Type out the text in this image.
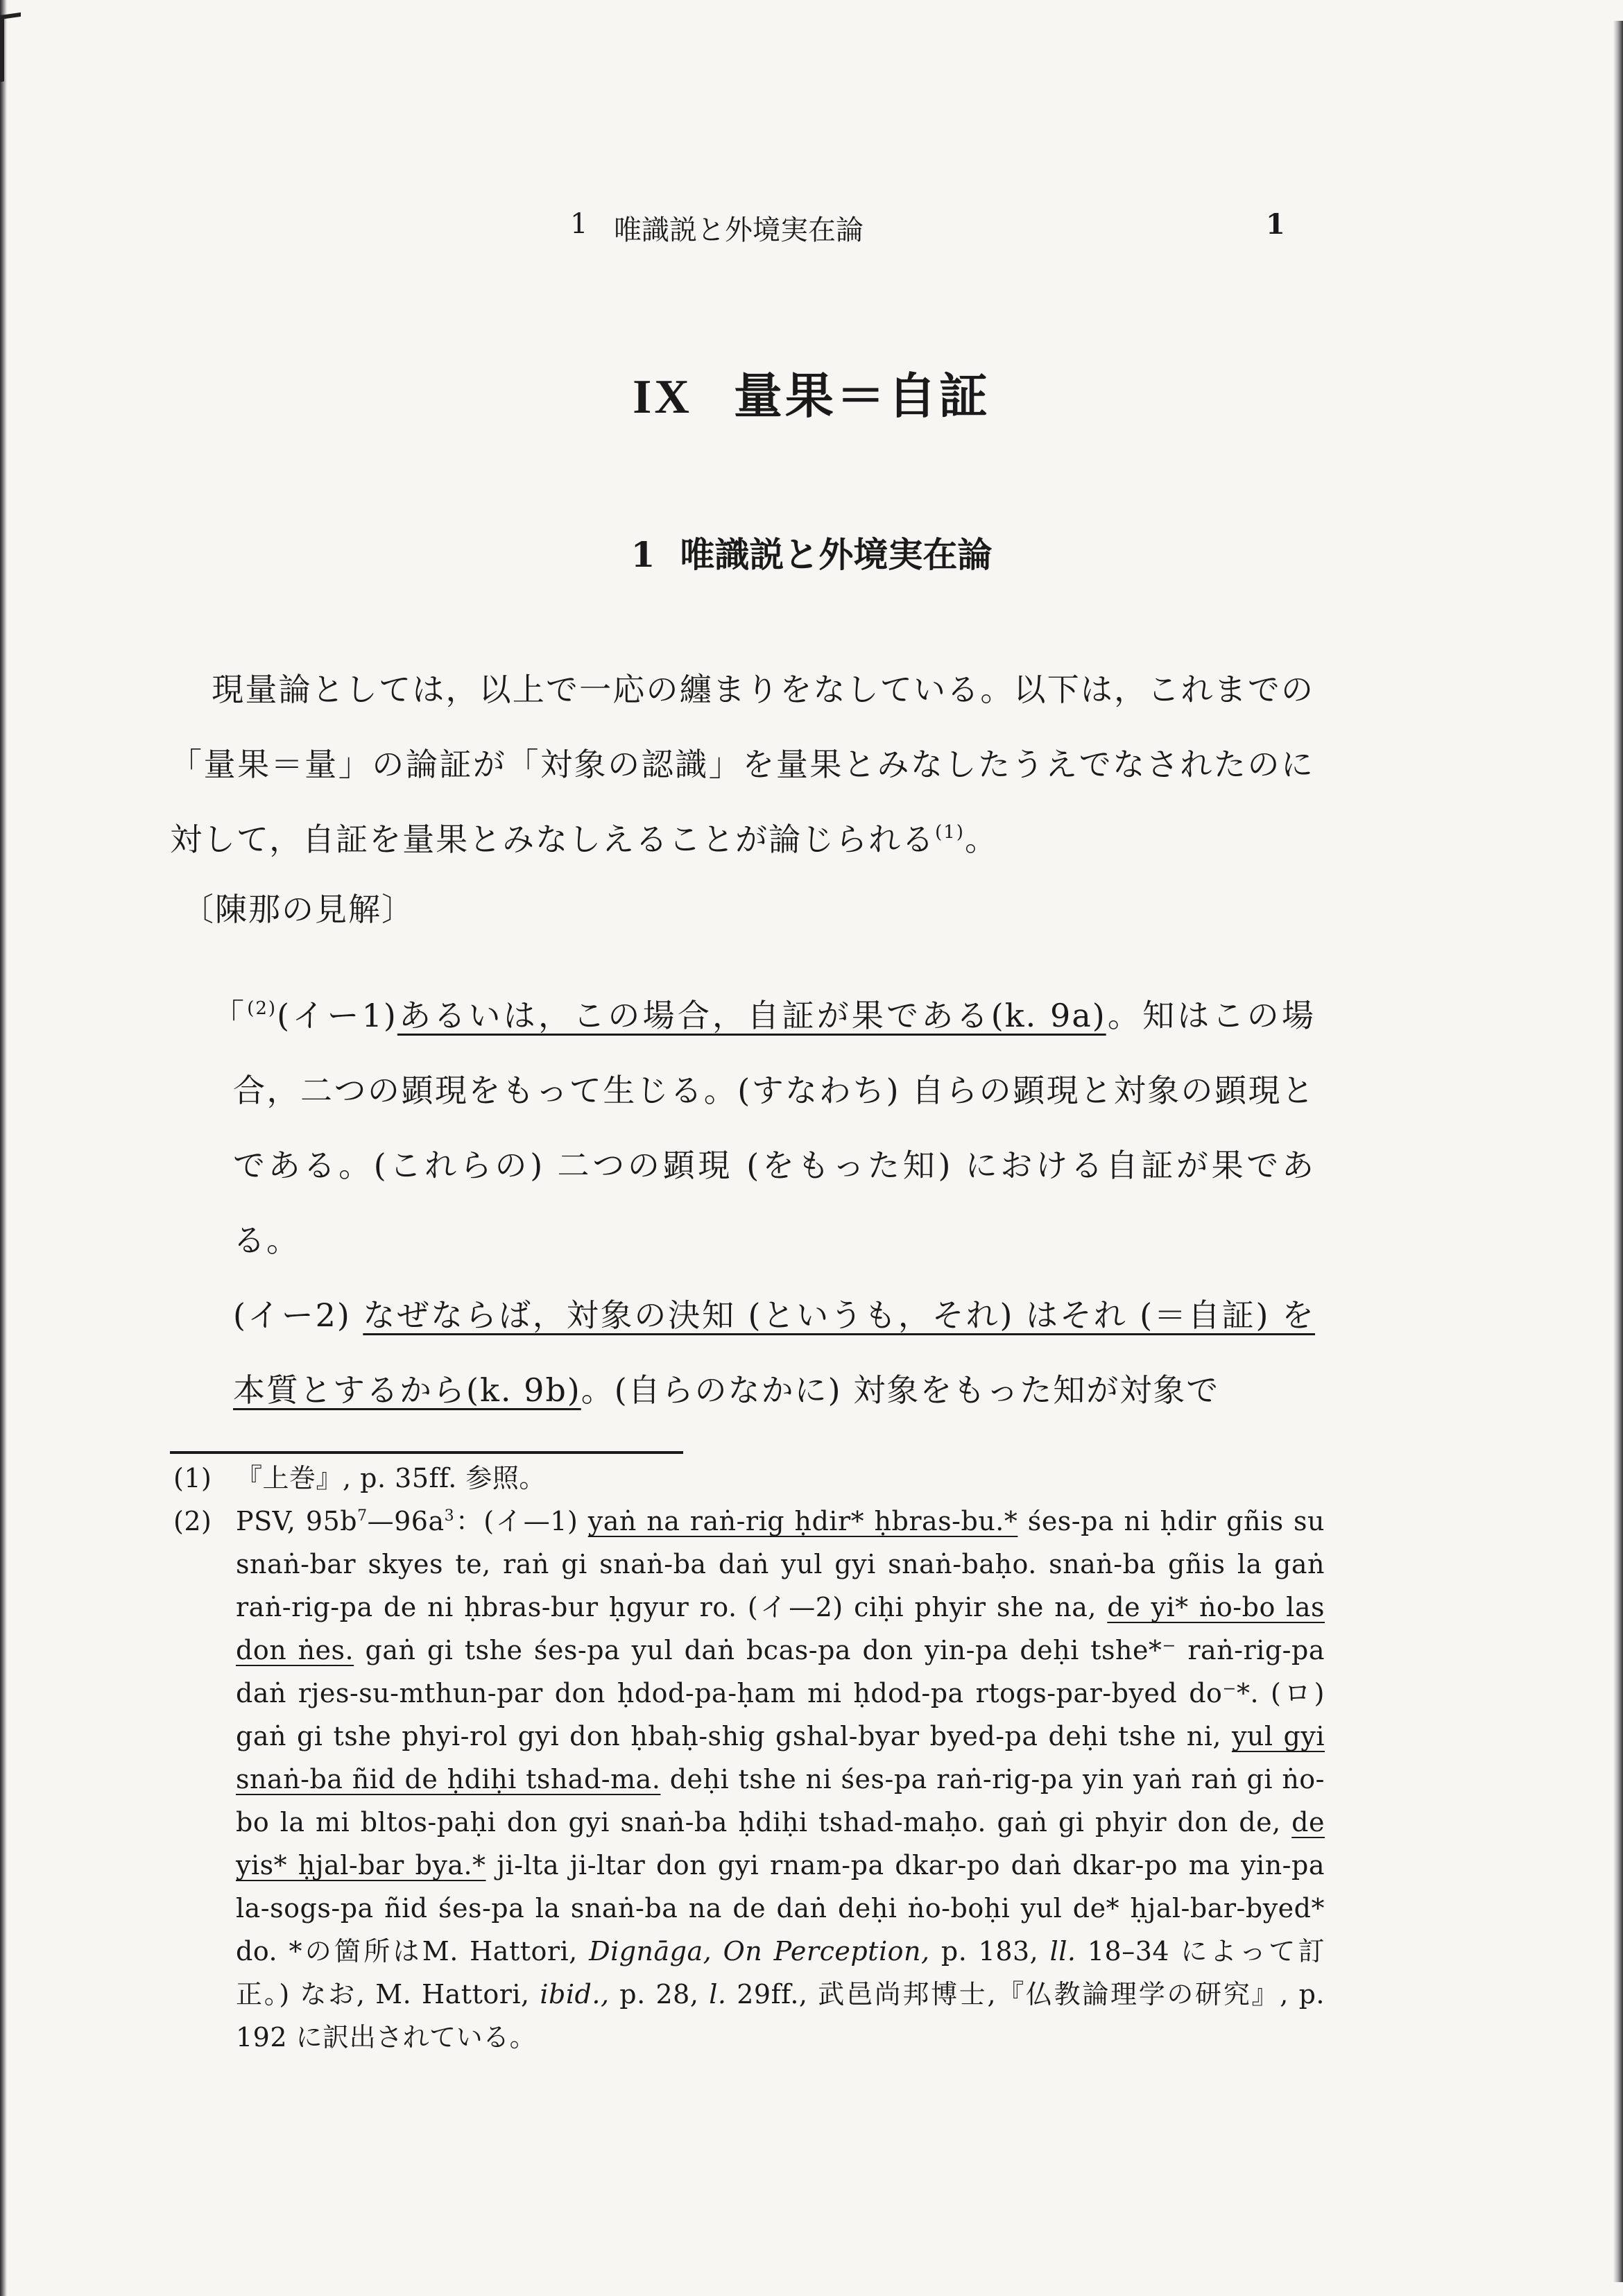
1 唯識説と外境実在論	1
IX 量果＝自証
1 唯識説と外境実在論
現量論としては，以上で一応の纏まりをなしている。以下は，これまでの「量果＝量」の論証が「対象の認識」を量果とみなしたうえでなされたのに対して，自証を量果とみなしえることが論じられる$^{(1)}$。
〔陳那の見解〕

「$^{(2)}$(イー1)あるいは，この場合，自証が果である(k. 9a)。知はこの場合，二つの顕現をもって生じる。(すなわち) 自らの顕現と対象の顕現とである。(これらの) 二つの顕現 (をもった知) における自証が果である。

(イー2) なぜならば，対象の決知 (というも，それ) はそれ (＝自証) を本質とするから(k. 9b)。(自らのなかに) 対象をもった知が対象で

(1) 『上巻』, p. 35ff. 参照。
(2) PSV, $95b^7—96a^3$：(イ—1) yaṅ na raṅ-rig ḥdir* ḥbras-bu.* śes-pa ni ḥdir gñis su snaṅ-bar skyes te, raṅ gi snaṅ-ba daṅ yul gyi snaṅ-baḥo. snaṅ-ba gñis la gaṅ raṅ-rig-pa de ni ḥbras-bur ḥgyur ro. (イ—2) ciḥi phyir she na, de yi* ṅo-bo las don ṅes. gaṅ gi tshe śes-pa yul daṅ bcas-pa don yin-pa deḥi tshe*⁻ raṅ-rig-pa daṅ rjes-su-mthun-par don ḥdod-pa-ḥam mi ḥdod-pa rtogs-par-byed do⁻*. (ロ) gaṅ gi tshe phyi-rol gyi don ḥbaḥ-shig gshal-byar byed-pa deḥi tshe ni, yul gyi snaṅ-ba ñid de ḥdiḥi tshad-ma. deḥi tshe ni śes-pa raṅ-rig-pa yin yaṅ raṅ gi ṅo-bo la mi bltos-paḥi don gyi snaṅ-ba ḥdiḥi tshad-maḥo. gaṅ gi phyir don de, de yis* ḥjal-bar bya.* ji-lta ji-ltar don gyi rnam-pa dkar-po daṅ dkar-po ma yin-pa la-sogs-pa ñid śes-pa la snaṅ-ba na de daṅ deḥi ṅo-boḥi yul de* ḥjal-bar-byed* do. *の箇所はM. Hattori, Dignāga, On Perception, p. 183, ll. 18–34 によって訂正。) なお, M. Hattori, ibid., p. 28, l. 29ff., 武邑尚邦博士,『仏教論理学の研究』, p. 192 に訳出されている。
